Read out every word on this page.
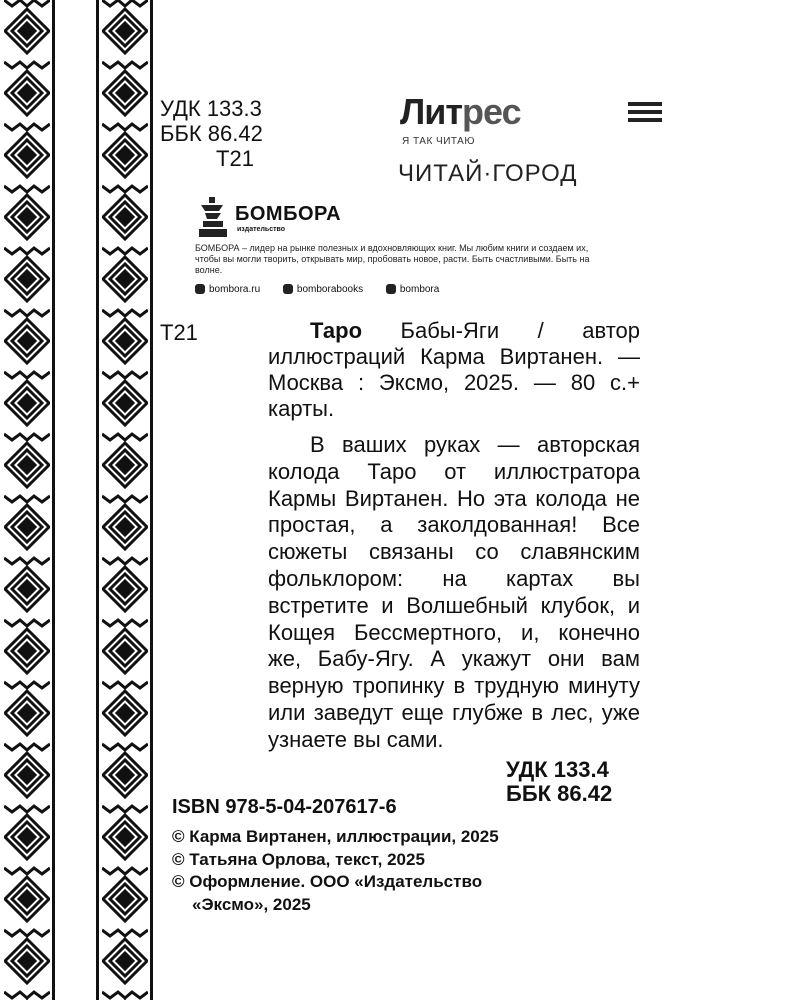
УДК 133.3
ББК 86.42
Т21
Литрес
Я ТАК ЧИТАЮ
ЧИТАЙ·ГОРОД
БОМБОРА
издательство
БОМБОРА – лидер на рынке полезных и вдохновляющих книг. Мы любим книги и создаем их, чтобы вы могли творить, открывать мир, пробовать новое, расти. Быть счастливыми. Быть на волне.
bombora.ru	bomborabooks	bombora
Т21	Таро Бабы-Яги / автор иллюстраций Карма Виртанен. — Москва : Эксмо, 2025. — 80 с.+ карты.

В ваших руках — авторская колода Таро от иллюстратора Кармы Виртанен. Но эта колода не простая, а заколдованная! Все сюжеты связаны со славянским фольклором: на картах вы встретите и Волшебный клубок, и Кощея Бессмертного, и, конечно же, Бабу-Ягу. А укажут они вам верную тропинку в трудную минуту или заведут еще глубже в лес, уже узнаете вы сами.

УДК 133.4

ББК 86.42

ISBN 978-5-04-207617-6
© Карма Виртанен, иллюстрации, 2025
© Татьяна Орлова, текст, 2025
© Оформление. ООО «Издательство
«Эксмо», 2025
